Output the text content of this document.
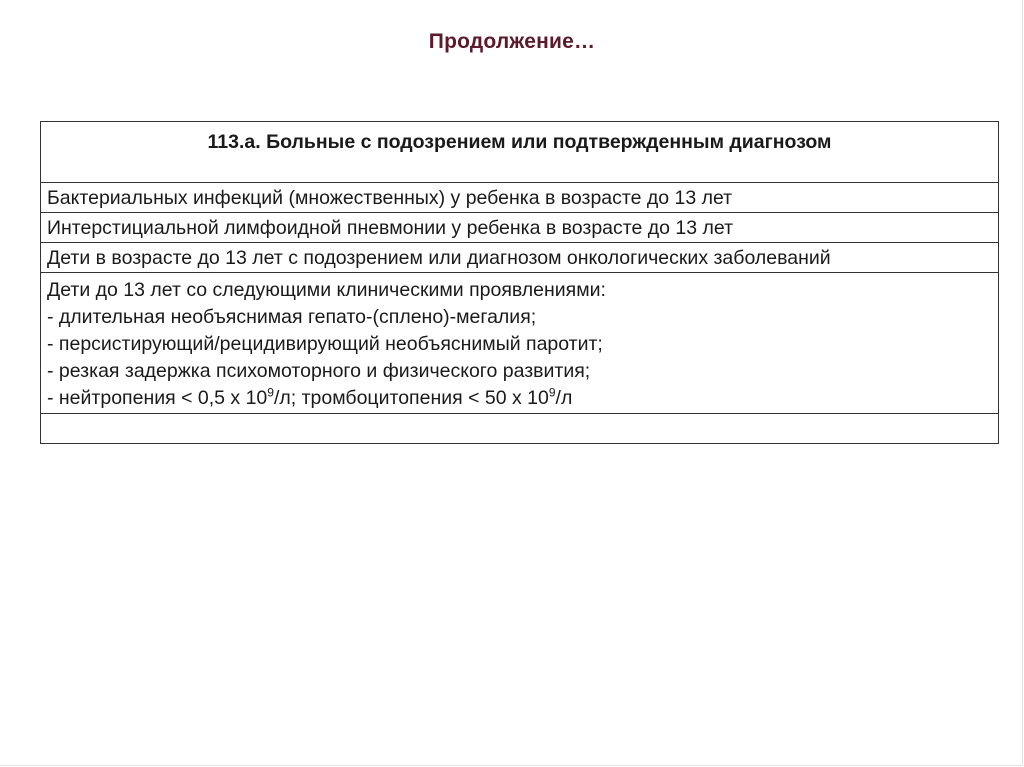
Продолжение…
113.а. Больные с подозрением или подтвержденным диагнозом
Бактериальных инфекций (множественных) у ребенка в возрасте до 13 лет
Интерстициальной лимфоидной пневмонии у ребенка в возрасте до 13 лет
Дети в возрасте до 13 лет с подозрением или диагнозом онкологических заболеваний

Дети до 13 лет со следующими клиническими проявлениями:
- длительная необъяснимая гепато-(сплено)-мегалия;
- персистирующий/рецидивирующий необъяснимый паротит;
- резкая задержка психомоторного и физического развития;
- нейтропения < 0,5 х $10^9/л$; тромбоцитопения < 50 х $10^9/л$
